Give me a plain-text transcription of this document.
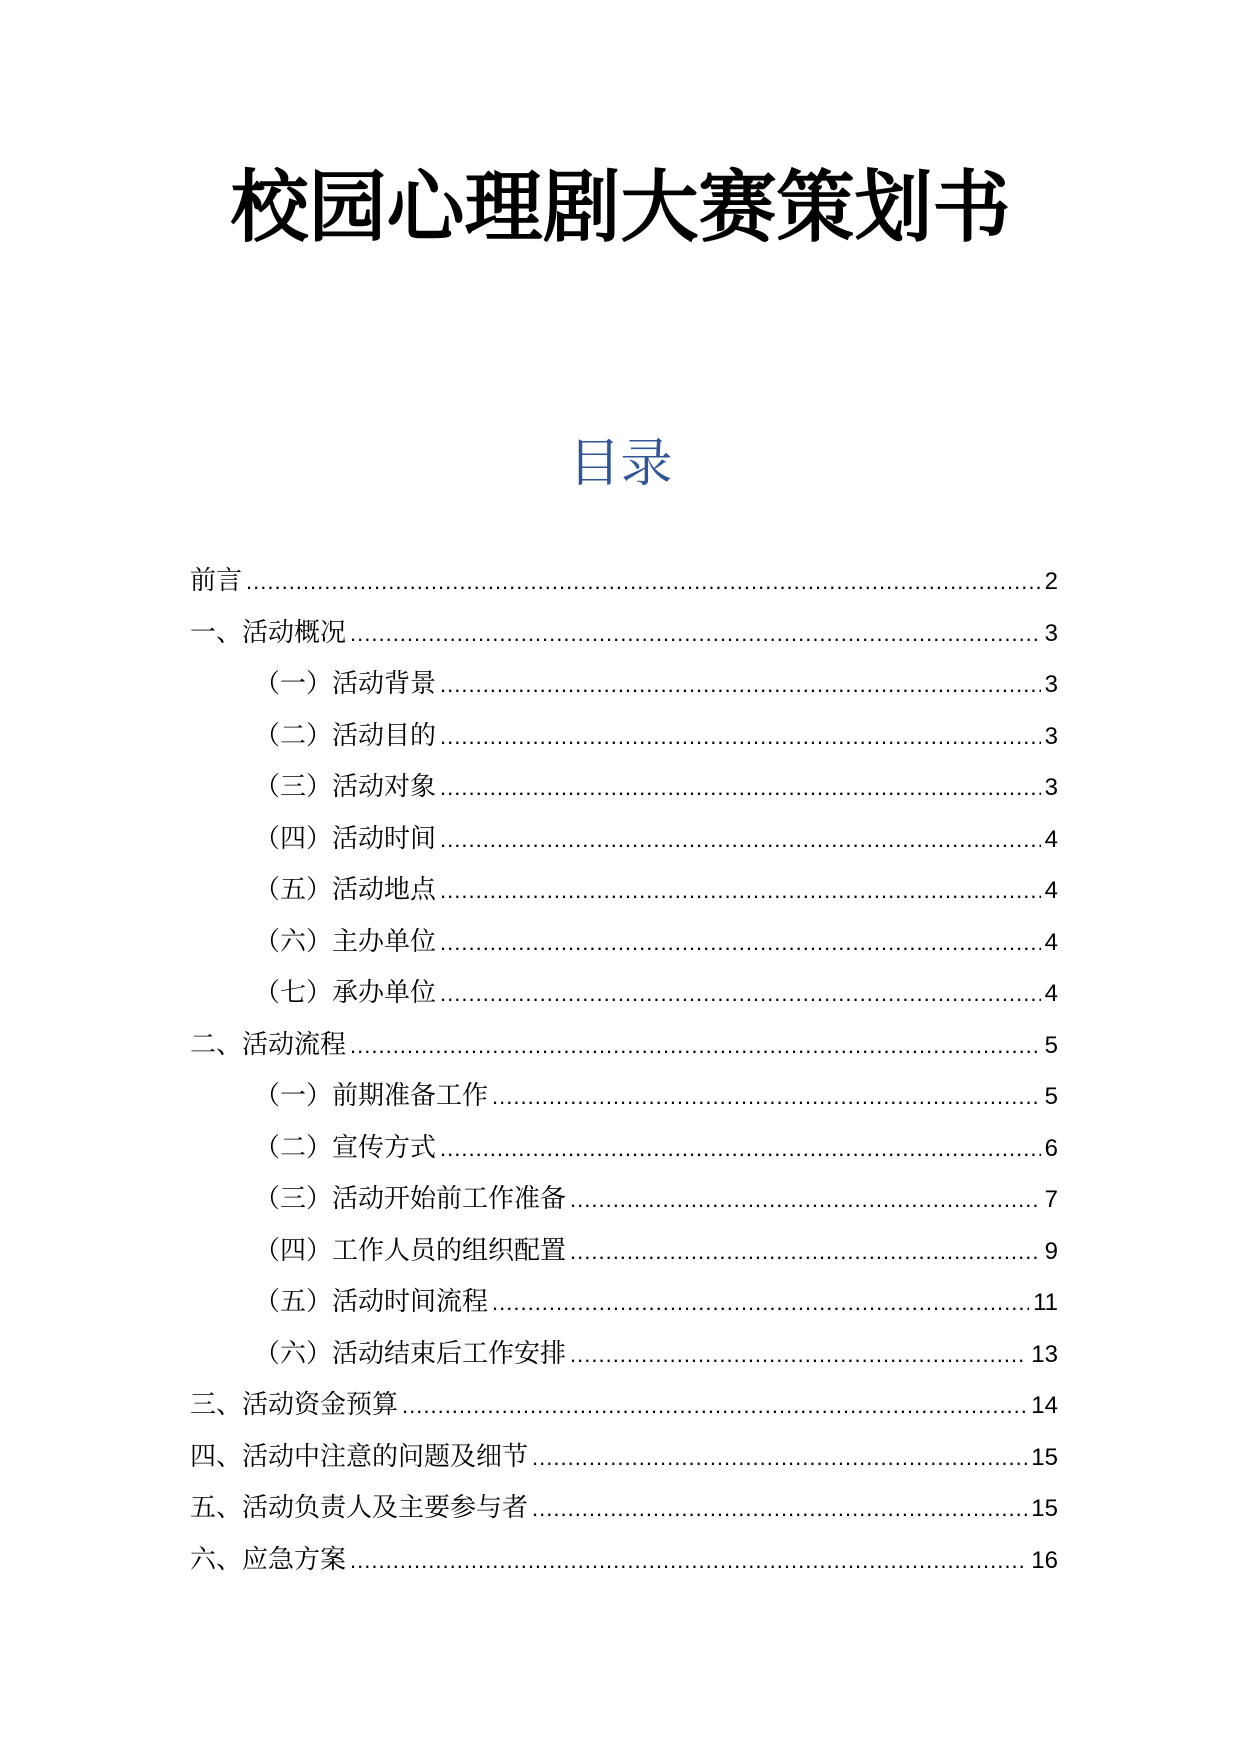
校园心理剧大赛策划书
目录
前言 .....	2
一、活动概况 .....	3
（一）活动背景 .....	3
（二）活动目的 .....	3
（三）活动对象 .....	3
（四）活动时间 .....	4
（五）活动地点 .....	4
（六）主办单位 .....	4
（七）承办单位 .....	4
二、活动流程 .....	5
（一）前期准备工作 .....	5
（二）宣传方式 .....	6
（三）活动开始前工作准备 .....	7
（四）工作人员的组织配置 .....	9
（五）活动时间流程 .....	11
（六）活动结束后工作安排 .....	13
三、活动资金预算 .....	14
四、活动中注意的问题及细节 .....	15
五、活动负责人及主要参与者 .....	15
六、应急方案 .....	16
